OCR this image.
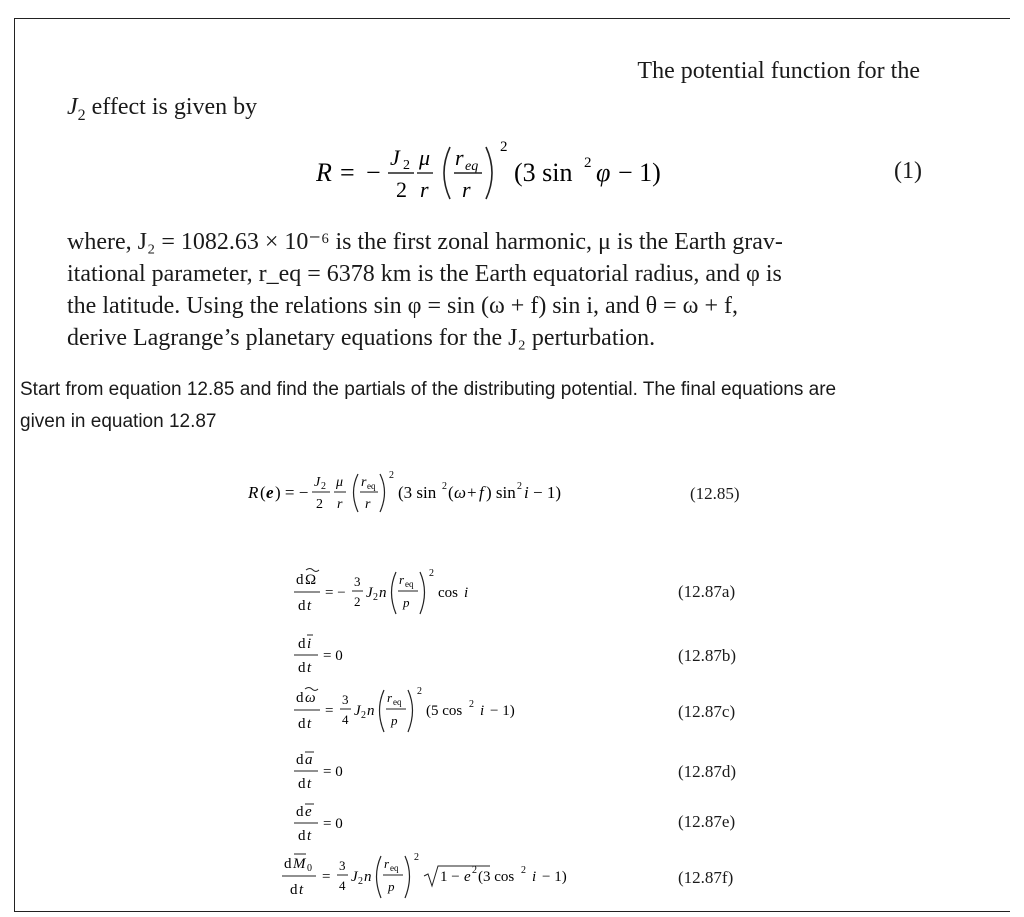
The potential function for the
$J_2$ effect is given by
R = −
J 2
2
μ
r
r eq
r
2
(3 sin 2 φ − 1)	(1)
where, J₂ = 1082.63 × 10⁻⁶ is the first zonal harmonic, μ is the Earth grav-
itational parameter, r_eq = 6378 km is the Earth equatorial radius, and φ is
the latitude. Using the relations sin φ = sin (ω + f) sin i, and θ = ω + f,
derive Lagrange’s planetary equations for the J₂ perturbation.
Start from equation 12.85 and find the partials of the distributing potential. The final equations are
given in equation 12.87
R ( e ) = −
J 2
2
μ
r
r eq
r
2
(3 sin 2 ( ω + f ) sin 2 i − 1)	(12.85)
d Ω
d t
= −
3
2
J 2 n
r eq
p
2
cos i	(12.87a)
d i
d t
= 0	(12.87b)
d ω
d t
=
3
4
J 2 n
r eq
p
2
(5 cos 2 i − 1)	(12.87c)
d a
d t
= 0	(12.87d)
d e
d t
= 0	(12.87e)
d M 0
d t
=
3
4
J 2 n
r eq
p
2
1 − e 2 (3 cos 2 i − 1)	(12.87f)
